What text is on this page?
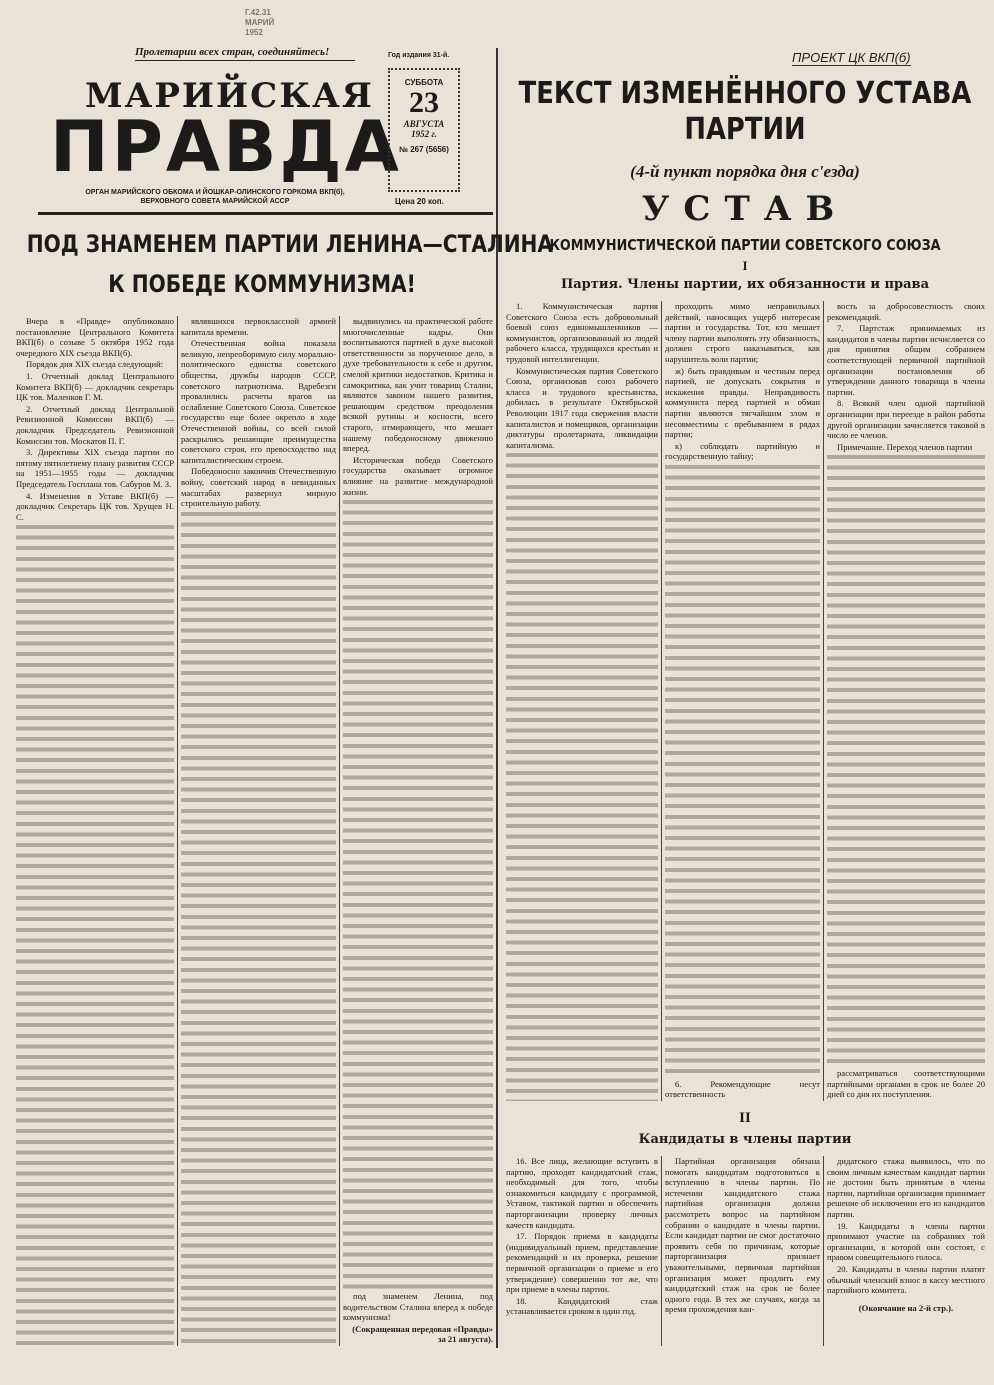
Г.42.31
МАРИЙ
1952
Пролетарии всех стран, соединяйтесь!	Год издания 31-й.
МАРИЙСКАЯ
ПРАВДА
ОРГАН МАРИЙСКОГО ОБКОМА И ЙОШКАР-ОЛИНСКОГО ГОРКОМА ВКП(б), ВЕРХОВНОГО СОВЕТА МАРИЙСКОЙ АССР
СУББОТА
23
АВГУСТА
1952 г.
№ 267 (5656)
Цена 20 коп.
ПОД ЗНАМЕНЕМ ПАРТИИ ЛЕНИНА—СТАЛИНА
К ПОБЕДЕ КОММУНИЗМА!

Вчера в «Правде» опубликовано постановление Центрального Комитета ВКП(б) о созыве 5 октября 1952 года очередного XIX съезда ВКП(б).

Порядок дня XIX съезда следующий:

1. Отчетный доклад Центрального Комитета ВКП(б) — докладчик секретарь ЦК тов. Маленков Г. М.

2. Отчетный доклад Центральной Ревизионной Комиссии ВКП(б) — докладчик Председатель Ревизионной Комиссии тов. Москатов П. Г.

3. Директивы XIX съезда партии по пятому пятилетнему плану развития СССР на 1951—1955 годы — докладчик Председатель Госплана тов. Сабуров М. З.

4. Изменения в Уставе ВКП(б) — докладчик Секретарь ЦК тов. Хрущев Н. С.

являвшихся первоклассной армией капитала времени.

Отечественная война показала великую, непреоборимую силу морально-политического единства советского общества, дружбы народов СССР, советского патриотизма. Вдребезги провалились расчеты врагов на ослабление Советского Союза. Советское государство еще более окрепло в ходе Отечественной войны, со всей силой раскрылись решающие преимущества советского строя, его превосходство над капиталистическим строем.

Победоносно закончив Отечественную войну, советский народ в невиданных масштабах развернул мирную строительную работу.

выдвинулись на практической работе многочисленные кадры. Они воспитываются партией в духе высокой ответственности за порученное дело, в духе требовательности к себе и другим, смелой критики недостатков. Критика и самокритика, как учит товарищ Сталин, являются законом нашего развития, решающим средством преодоления всякой рутины и косности, всего старого, отмирающего, что мешает нашему победоносному движению вперед.

Историческая победа Советского государства оказывает огромное влияние на развитие международной жизни.

под знаменем Ленина, под водительством Сталина вперед к победе коммунизма!

(Сокращенная передовая «Правды» за 21 августа).

ПРОЕКТ ЦК ВКП(б)
ТЕКСТ ИЗМЕНЁННОГО УСТАВА ПАРТИИ
(4-й пункт порядка дня с'езда)
УСТАВ
КОММУНИСТИЧЕСКОЙ ПАРТИИ СОВЕТСКОГО СОЮЗА
I
Партия. Члены партии, их обязанности и права

1. Коммунистическая партия Советского Союза есть добровольный боевой союз единомышленников — коммунистов, организованный из людей рабочего класса, трудящихся крестьян и трудовой интеллигенции.

Коммунистическая партия Советского Союза, организовав союз рабочего класса и трудового крестьянства, добилась в результате Октябрьской Революции 1917 года свержения власти капиталистов и помещиков, организации диктатуры пролетариата, ликвидации капитализма.

проходить мимо неправильных действий, наносящих ущерб интересам партии и государства. Тот, кто мешает члену партии выполнять эту обязанность, должен строго наказываться, как нарушитель воли партии;

ж) быть правдивым и честным перед партией, не допускать сокрытия и искажения правды. Неправдивость коммуниста перед партией и обман партии являются тягчайшим злом и несовместимы с пребыванием в рядах партии;

к) соблюдать партийную и государственную тайну;

6. Рекомендующие несут ответственность

вость за добросовестность своих рекомендаций.

7. Партстаж принимаемых из кандидатов в члены партии исчисляется со дня принятия общим собранием соответствующей первичной партийной организации постановления об утверждении данного товарища в члены партии.

8. Всякий член одной партийной организации при переезде в район работы другой организации зачисляется таковой в число ее членов.

Примечание. Переход членов партии

рассматриваться соответствующими партийными органами в срок не более 20 дней со дня их поступления.

II
Кандидаты в члены партии

16. Все лица, желающие вступить в партию, проходят кандидатский стаж, необходимый для того, чтобы ознакомиться кандидату с программой, Уставом, тактикой партии и обеспечить парторганизации проверку личных качеств кандидата.

17. Порядок приема в кандидаты (индивидуальный прием, представление рекомендаций и их проверка, решение первичной организации о приеме и его утверждение) совершенно тот же, что при приеме в члены партии.

18. Кандидатский стаж устанавливается сроком в один год.

Партийная организация обязана помогать кандидатам подготовиться к вступлению в члены партии. По истечении кандидатского стажа партийная организация должна рассмотреть вопрос на партийном собрании о кандидате в члены партии. Если кандидат партии не смог достаточно проявить себя по причинам, которые парторганизация признает уважительными, первичная партийная организация может продлить ему кандидатский стаж на срок не более одного года. В тех же случаях, когда за время прохождения кан-

дидатского стажа выявилось, что по своим личным качествам кандидат партии не достоин быть принятым в члены партии, партийная организация принимает решение об исключении его из кандидатов партии.

19. Кандидаты в члены партии принимают участие на собраниях той организации, в которой они состоят, с правом совещательного голоса.

20. Кандидаты в члены партии платят обычный членский взнос в кассу местного партийного комитета.

(Окончание на 2-й стр.).
